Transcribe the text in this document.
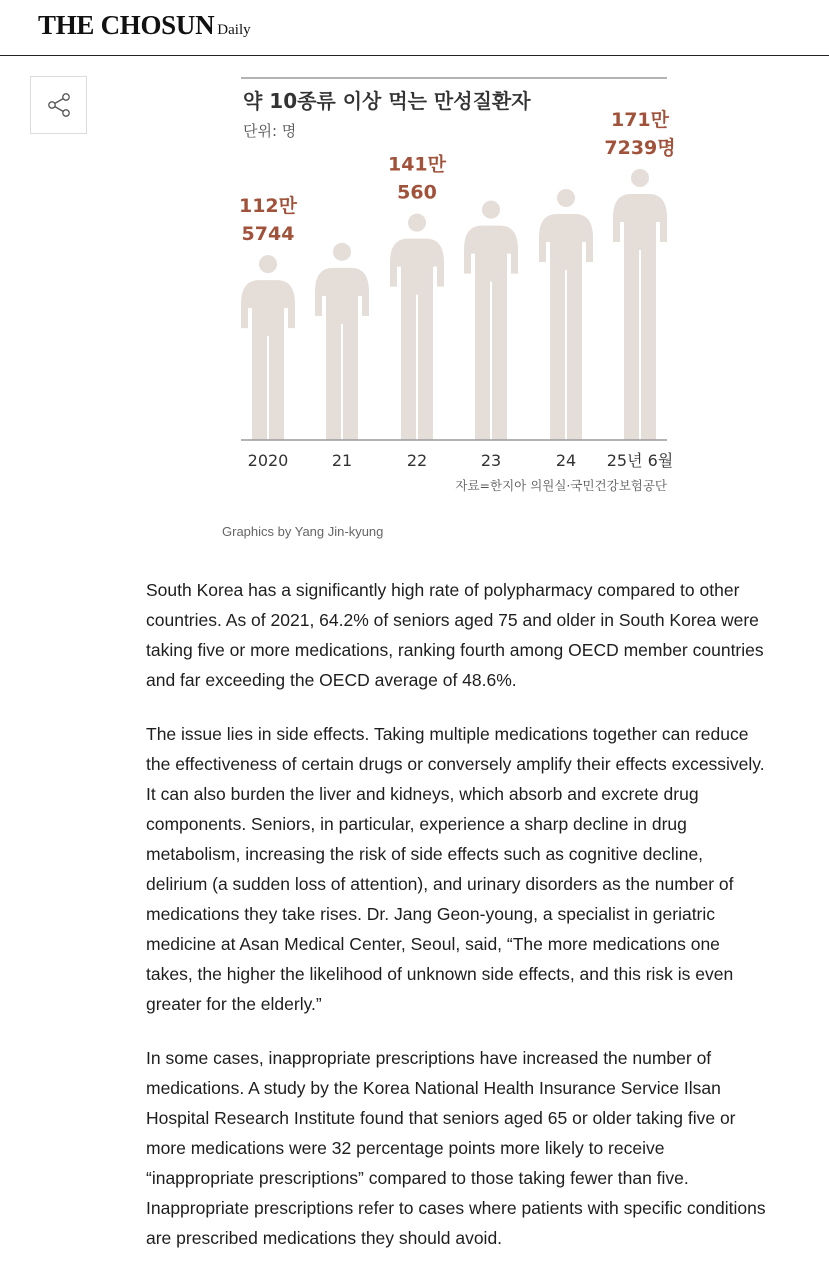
THE CHOSUN Daily
약 10종류 이상 먹는 만성질환자
단위: 명
2020	21	22	23	24 25년 6월
112만
5744
141만
560
171만
7239명
자료=한지아 의원실·국민건강보험공단
Graphics by Yang Jin-kyung

South Korea has a significantly high rate of polypharmacy compared to other countries. As of 2021, 64.2% of seniors aged 75 and older in South Korea were taking five or more medications, ranking fourth among OECD member countries and far exceeding the OECD average of 48.6%.

The issue lies in side effects. Taking multiple medications together can reduce the effectiveness of certain drugs or conversely amplify their effects excessively. It can also burden the liver and kidneys, which absorb and excrete drug components. Seniors, in particular, experience a sharp decline in drug metabolism, increasing the risk of side effects such as cognitive decline, delirium (a sudden loss of attention), and urinary disorders as the number of medications they take rises. Dr. Jang Geon-young, a specialist in geriatric medicine at Asan Medical Center, Seoul, said, “The more medications one takes, the higher the likelihood of unknown side effects, and this risk is even greater for the elderly.”

In some cases, inappropriate prescriptions have increased the number of medications. A study by the Korea National Health Insurance Service Ilsan Hospital Research Institute found that seniors aged 65 or older taking five or more medications were 32 percentage points more likely to receive “inappropriate prescriptions” compared to those taking fewer than five. Inappropriate prescriptions refer to cases where patients with specific conditions are prescribed medications they should avoid.
